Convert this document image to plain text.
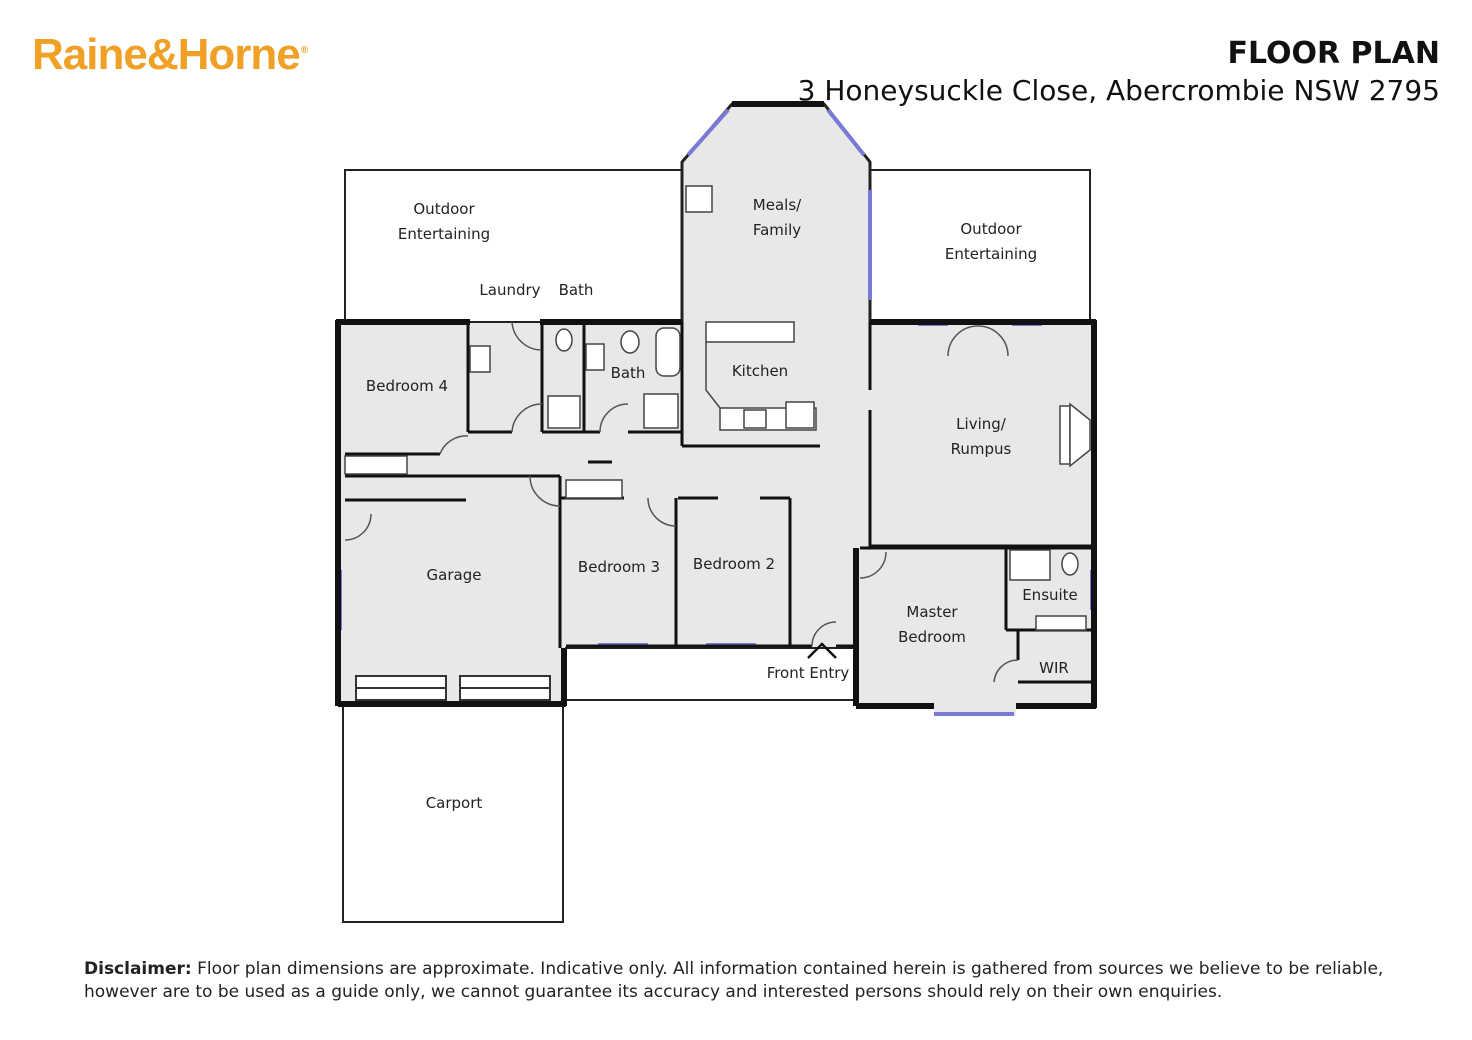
Raine&Horne®	FLOOR PLAN
3 Honeysuckle Close, Abercrombie NSW 2795
Outdoor
Entertaining
Laundry Bath
Meals/
Family	Outdoor
Entertaining
Bedroom 4
Bath	Kitchen
Living/
Rumpus
Garage	Bedroom 3 Bedroom 2
Ensuite
Master
Bedroom
WIR
Front Entry
Carport
Disclaimer: Floor plan dimensions are approximate. Indicative only. All information contained herein is gathered from sources we believe to be reliable, however are to be used as a guide only, we cannot guarantee its accuracy and interested persons should rely on their own enquiries.
